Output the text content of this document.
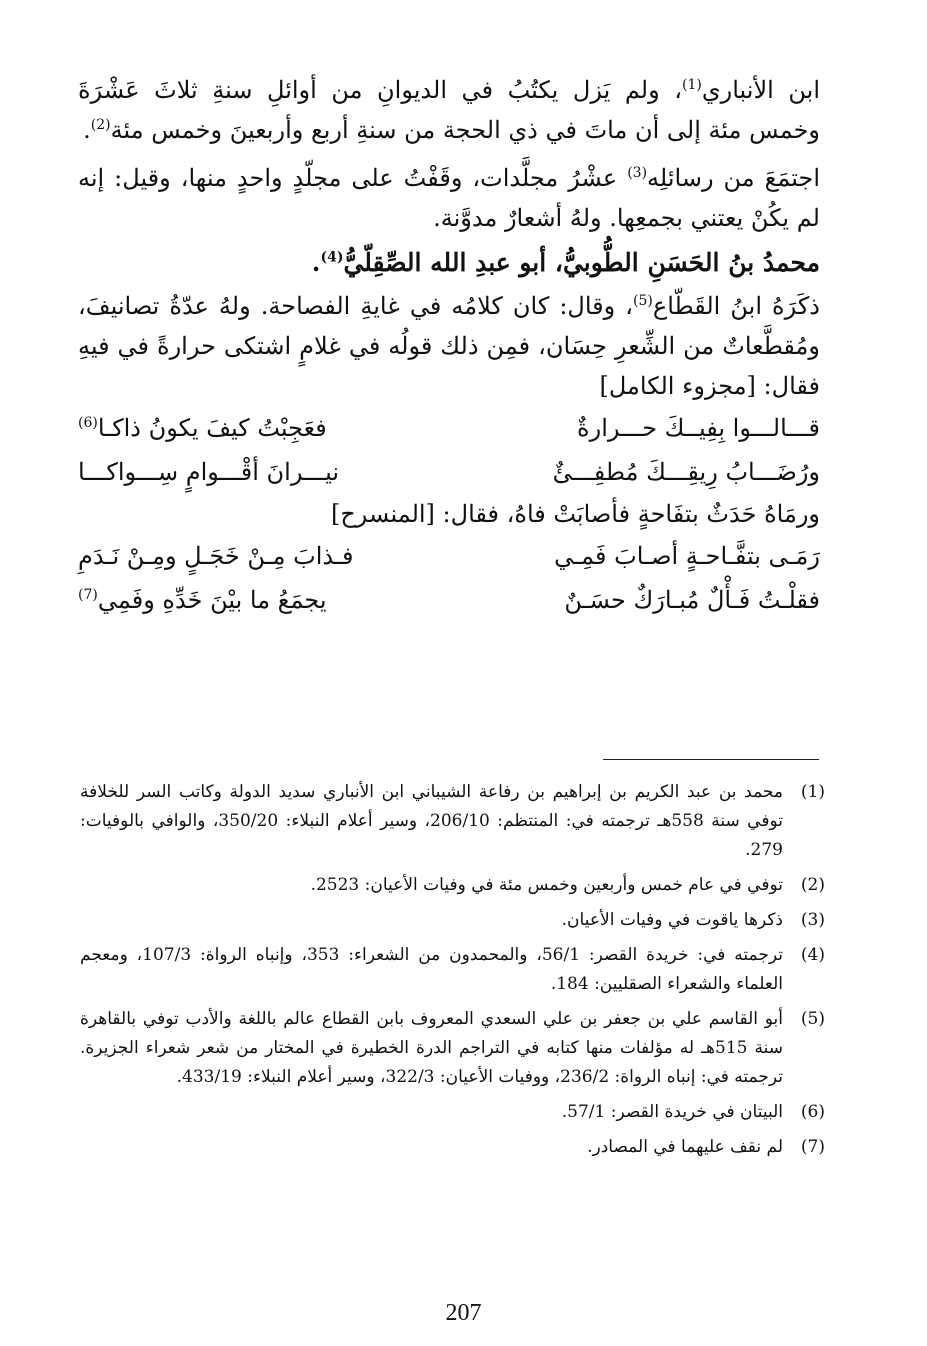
ابن الأنباري$^{(1)}$، ولم يَزل يكتُبُ في الديوانِ من أوائلِ سنةِ ثلاثَ عَشْرَةَ وخمس مئة إلى أن ماتَ في ذي الحجة من سنةِ أربع وأربعينَ وخمس مئة$^{(2)}$.

اجتمَعَ من رسائلِه$^{(3)}$ عشْرُ مجلَّدات، وقَفْتُ على مجلّدٍ واحدٍ منها، وقيل: إنه لم يكُنْ يعتني بجمعِها. ولهُ أشعارٌ مدوَّنة.

محمدُ بنُ الحَسَنِ الطُّوبيُّ، أبو عبدِ الله الصِّقِلّيُّ$^{(4)}$.

ذكَرَهُ ابنُ القَطّاع$^{(5)}$، وقال: كان كلامُه في غايةِ الفصاحة. ولهُ عدّةُ تصانيفَ، ومُقطَّعاتٌ من الشِّعرِ حِسَان، فمِن ذلك قولُه في غلامٍ اشتكى حرارةً في فيهِ فقال: [مجزوء الكامل]

قـــالـــوا بِفِيــكَ حـــرارةٌ
فعَجِبْتُ كيفَ يكونُ ذاكـا$^{(6)}$
ورُضَـــابُ رِيقِـــكَ مُطفِـــئٌ
نيـــرانَ أقْـــوامٍ سِـــواكـــا

ورمَاهُ حَدَثٌ بتفَاحةٍ فأصابَتْ فاهُ، فقال: [المنسرح]

رَمَـى بتفَّـاحـةٍ أصـابَ فَمِـي
فـذابَ مِـنْ خَجَـلٍ ومِـنْ نَـدَمِ
فقلْـتُ فَـأْلٌ مُبـارَكٌ حسَـنٌ
يجمَعُ ما بيْنَ خَدِّهِ وفَمِي$^{(7)}$
(1)
محمد بن عبد الكريم بن إبراهيم بن رفاعة الشيباني ابن الأنباري سديد الدولة وكاتب السر للخلافة توفي سنة 558هـ ترجمته في: المنتظم: 206/10، وسير أعلام النبلاء: 350/20، والوافي بالوفيات: 279.
(2)
توفي في عام خمس وأربعين وخمس مئة في وفيات الأعيان: 2523.
(3)
ذكرها ياقوت في وفيات الأعيان.
(4)
ترجمته في: خريدة القصر: 56/1، والمحمدون من الشعراء: 353، وإنباه الرواة: 107/3، ومعجم العلماء والشعراء الصقليين: 184.
(5)
أبو القاسم علي بن جعفر بن علي السعدي المعروف بابن القطاع عالم باللغة والأدب توفي بالقاهرة سنة 515هـ له مؤلفات منها كتابه في التراجم الدرة الخطيرة في المختار من شعر شعراء الجزيرة. ترجمته في: إنباه الرواة: 236/2، ووفيات الأعيان: 322/3، وسير أعلام النبلاء: 433/19.
(6)
البيتان في خريدة القصر: 57/1.
(7)
لم نقف عليهما في المصادر.
207
